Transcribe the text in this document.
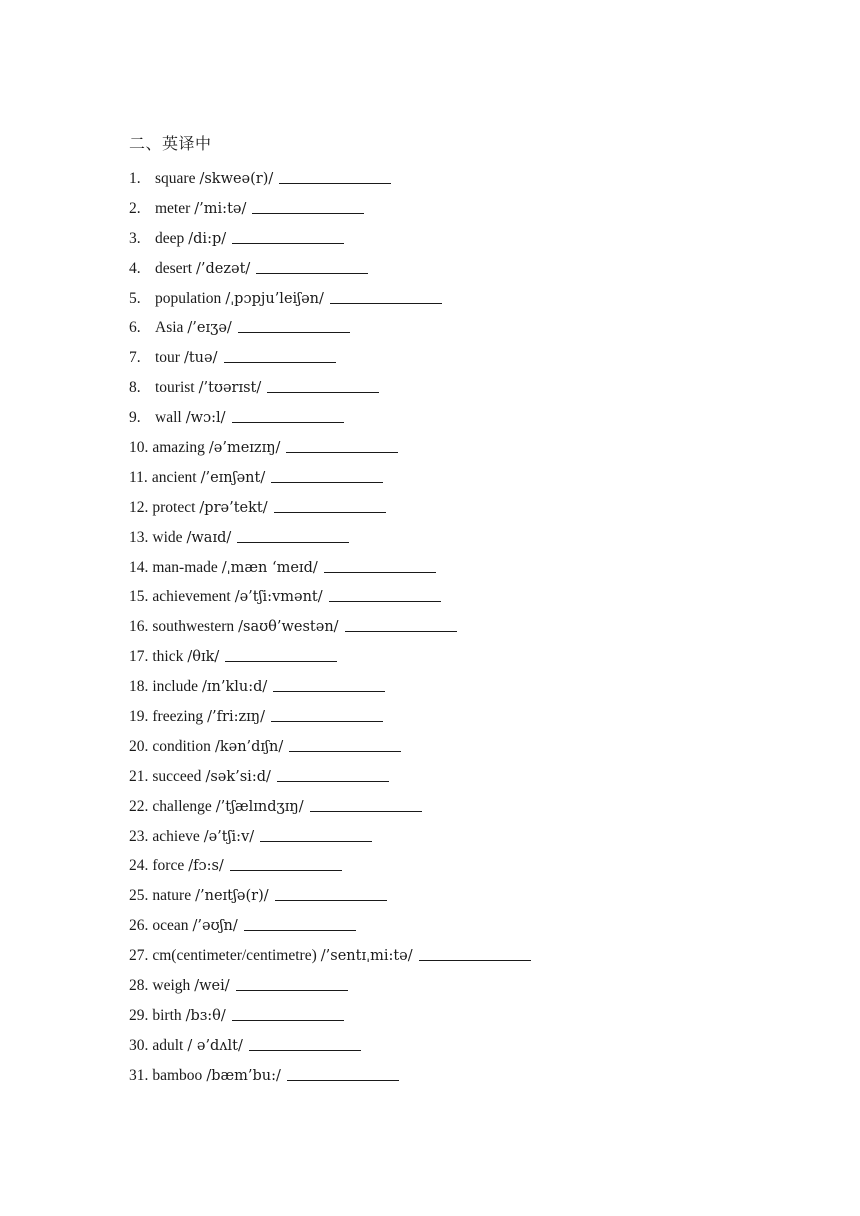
二、英译中
1. square /skweə(r)/
2. meter /’mi:tə/
3. deep /di:p/
4. desert /’dezət/
5. population /ˌpɔpju’leiʃən/
6. Asia /’eɪʒə/
7. tour /tuə/
8. tourist /’tʊərɪst/
9. wall /wɔ:l/
10. amazing /ə’meɪzɪŋ/
11. ancient /’eɪnʃənt/
12. protect /prə’tekt/
13. wide /waɪd/
14. man-made /ˌmæn ‘meɪd/
15. achievement /ə’tʃi:vmənt/
16. southwestern /saʊθ’westən/
17. thick /θɪk/
18. include /ɪn’klu:d/
19. freezing /’fri:zɪŋ/
20. condition /kən’dɪʃn/
21. succeed /sək’si:d/
22. challenge /’tʃælɪndʒɪŋ/
23. achieve /ə’tʃi:v/
24. force /fɔ:s/
25. nature /’neɪtʃə(r)/
26. ocean /’əʊʃn/
27. cm(centimeter/centimetre) /’sentɪˌmi:tə/
28. weigh /wei/
29. birth /bɜ:θ/
30. adult / ə’dʌlt/
31. bamboo /bæm’bu:/
